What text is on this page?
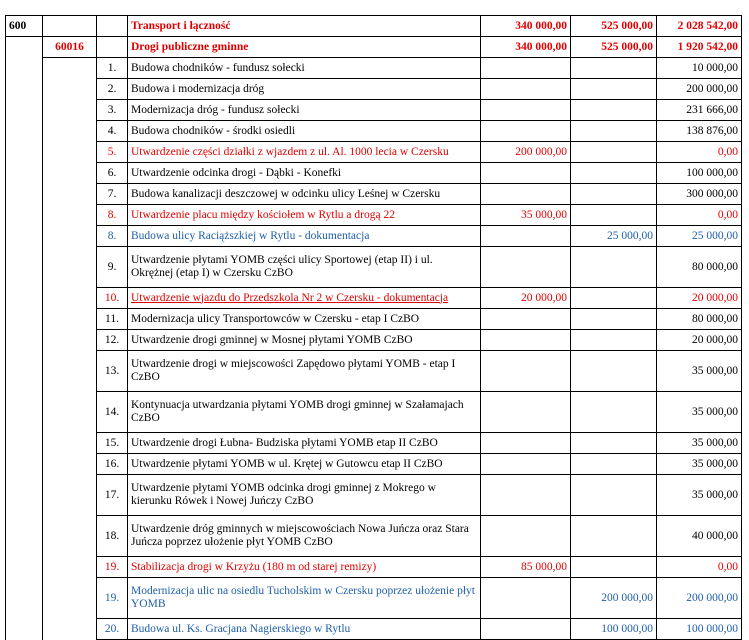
600			Transport i łączność	340 000,00	525 000,00	2 028 542,00
	60016		Drogi publiczne gminne	340 000,00	525 000,00	1 920 542,00
		1.	Budowa chodników - fundusz sołecki			10 000,00
		2.	Budowa i modernizacja dróg			200 000,00
		3.	Modernizacja dróg - fundusz sołecki			231 666,00
		4.	Budowa chodników - środki osiedli			138 876,00
		5.	Utwardzenie części działki z wjazdem z ul. Al. 1000 lecia w Czersku	200 000,00		0,00
		6.	Utwardzenie odcinka drogi - Dąbki - Konefki			100 000,00
		7.	Budowa kanalizacji deszczowej w odcinku ulicy Leśnej w Czersku			300 000,00
		8.	Utwardzenie placu między kościołem w Rytlu a drogą 22	35 000,00		0,00
		8.	Budowa ulicy Raciąższkiej w Rytlu - dokumentacja		25 000,00	25 000,00
		9.	Utwardzenie płytami YOMB części ulicy Sportowej (etap II) i ul. Okrężnej (etap I) w Czersku CzBO			80 000,00
		10.	Utwardzenie wjazdu do Przedszkola Nr 2 w Czersku - dokumentacja	20 000,00		20 000,00
		11.	Modernizacja ulicy Transportowców w Czersku - etap I CzBO			80 000,00
		12.	Utwardzenie drogi gminnej w Mosnej płytami YOMB CzBO			20 000,00
		13.	Utwardzenie drogi w miejscowości Zapędowo płytami YOMB - etap I CzBO			35 000,00
		14.	Kontynuacja utwardzania płytami YOMB drogi gminnej w Szałamajach CzBO			35 000,00
		15.	Utwardzenie drogi Łubna- Budziska płytami YOMB etap II CzBO			35 000,00
		16.	Utwardzenie płytami YOMB w ul. Krętej w Gutowcu etap II CzBO			35 000,00
		17.	Utwardzenie płytami YOMB odcinka drogi gminnej z Mokrego w kierunku Rówek i Nowej Juńczy CzBO			35 000,00
		18.	Utwardzenie dróg gminnych w miejscowościach Nowa Juńcza oraz Stara Juńcza poprzez ułożenie płyt YOMB CzBO			40 000,00
		19.	Stabilizacja drogi w Krzyżu (180 m od starej remizy)	85 000,00		0,00
		19.	Modernizacja ulic na osiedlu Tucholskim w Czersku poprzez ułożenie płyt YOMB		200 000,00	200 000,00
		20.	Budowa ul. Ks. Gracjana Nagierskiego w Rytlu		100 000,00	100 000,00
